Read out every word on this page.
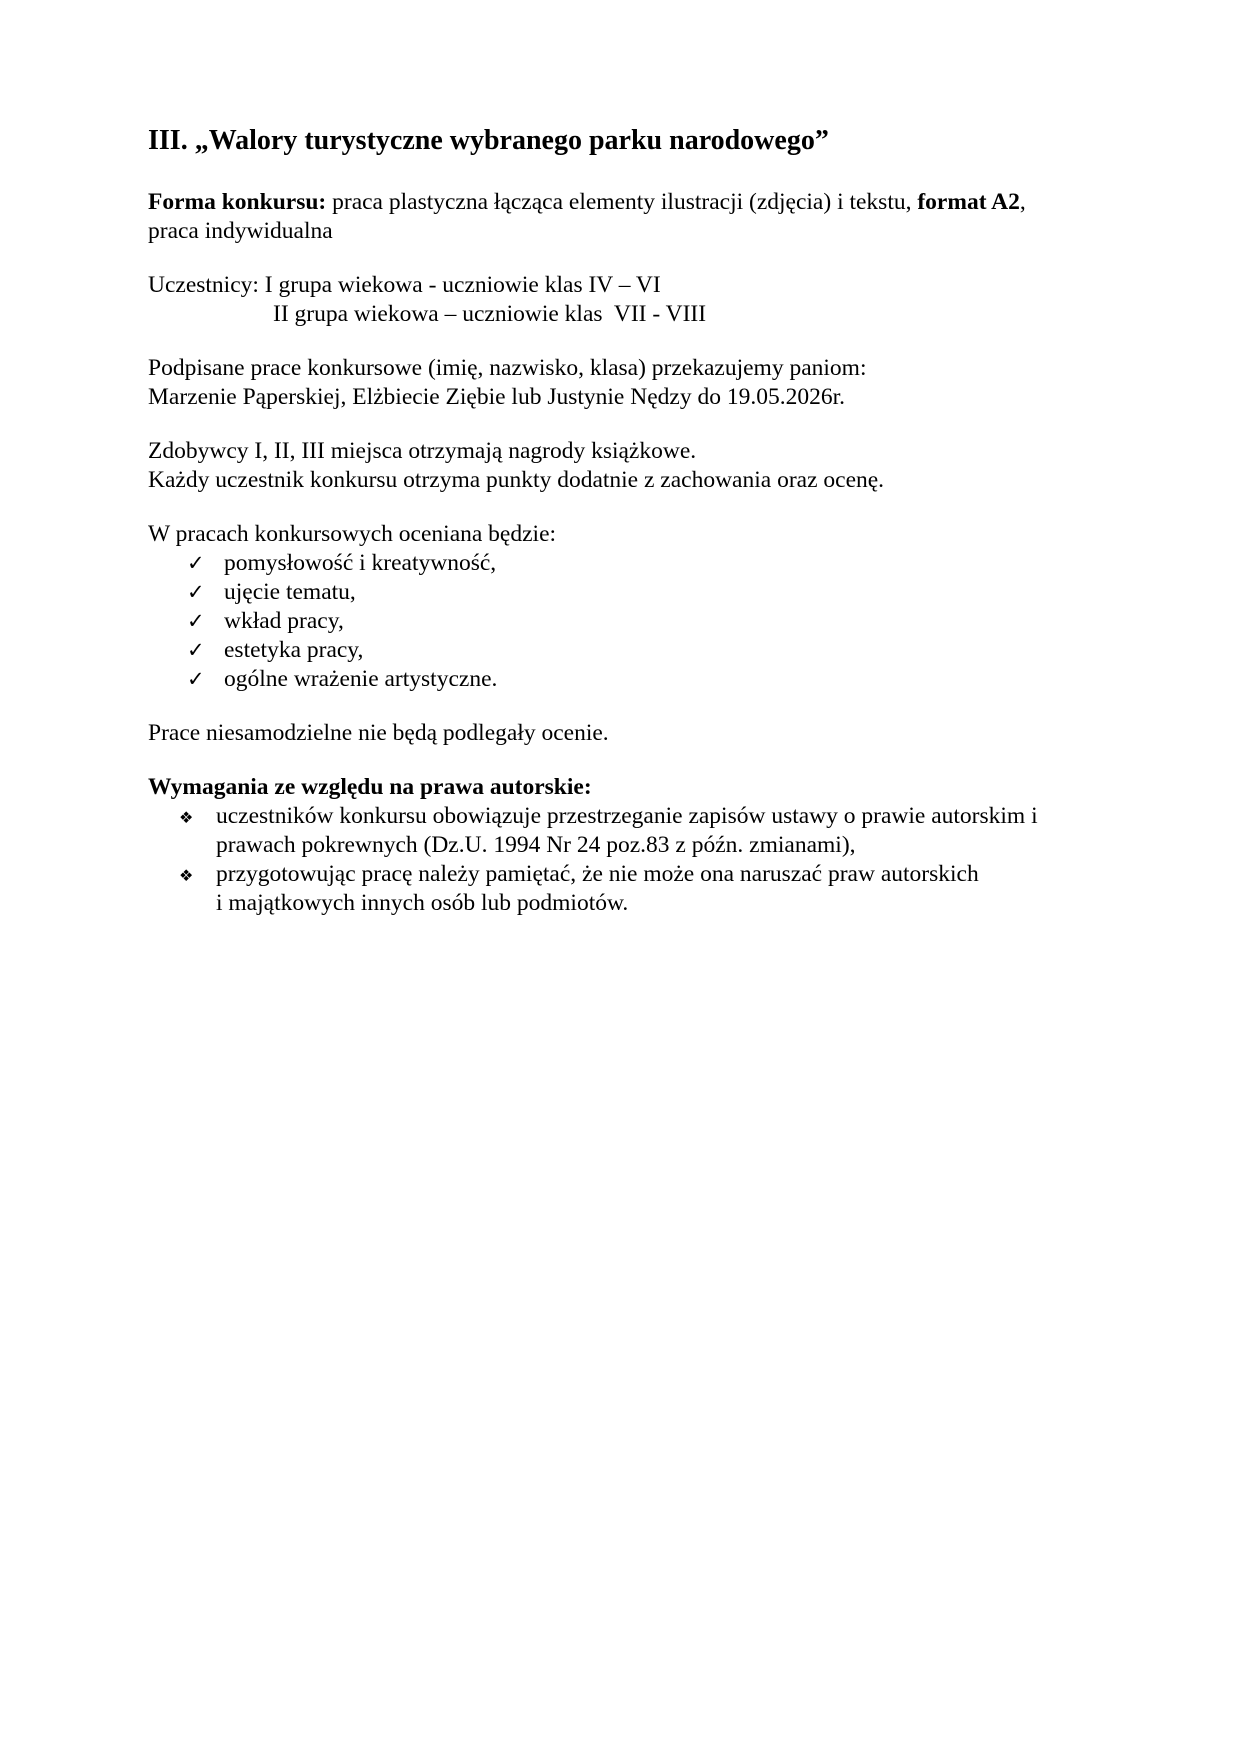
III. „Walory turystyczne wybranego parku narodowego”
Forma konkursu: praca plastyczna łącząca elementy ilustracji (zdjęcia) i tekstu, format A2,
praca indywidualna
Uczestnicy: I grupa wiekowa - uczniowie klas IV – VI
II grupa wiekowa – uczniowie klas  VII - VIII
Podpisane prace konkursowe (imię, nazwisko, klasa) przekazujemy paniom:
Marzenie Pąperskiej, Elżbiecie Ziębie lub Justynie Nędzy do 19.05.2026r.
Zdobywcy I, II, III miejsca otrzymają nagrody książkowe.
Każdy uczestnik konkursu otrzyma punkty dodatnie z zachowania oraz ocenę.
W pracach konkursowych oceniana będzie:
✓ pomysłowość i kreatywność,
✓ ujęcie tematu,
✓ wkład pracy,
✓ estetyka pracy,
✓ ogólne wrażenie artystyczne.
Prace niesamodzielne nie będą podlegały ocenie.
Wymagania ze względu na prawa autorskie:
❖ uczestników konkursu obowiązuje przestrzeganie zapisów ustawy o prawie autorskim i
prawach pokrewnych (Dz.U. 1994 Nr 24 poz.83 z późn. zmianami),
❖ przygotowując pracę należy pamiętać, że nie może ona naruszać praw autorskich
i majątkowych innych osób lub podmiotów.
